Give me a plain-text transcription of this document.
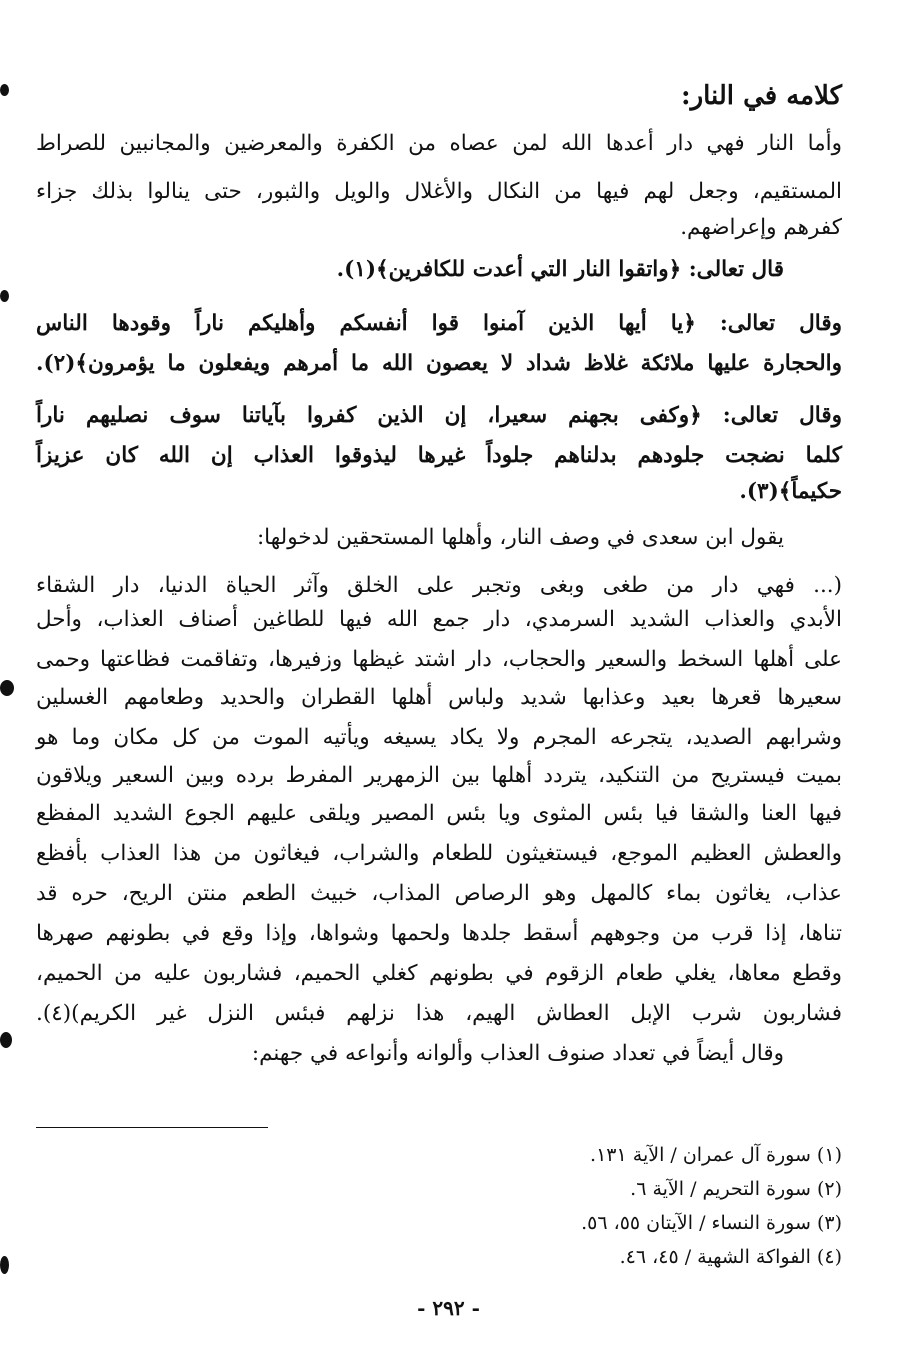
كلامه في النار:
وأما النار فهي دار أعدها الله لمن عصاه من الكفرة والمعرضين والمجانبين للصراط
المستقيم، وجعل لهم فيها من النكال والأغلال والويل والثبور، حتى ينالوا بذلك جزاء
كفرهم وإعراضهم.
قال تعالى: ﴿واتقوا النار التي أعدت للكافرين﴾(١).
وقال تعالى: ﴿يا أيها الذين آمنوا قوا أنفسكم وأهليكم ناراً وقودها الناس
والحجارة عليها ملائكة غلاظ شداد لا يعصون الله ما أمرهم ويفعلون ما يؤمرون﴾(٢).
وقال تعالى: ﴿وكفى بجهنم سعيرا، إن الذين كفروا بآياتنا سوف نصليهم ناراً
كلما نضجت جلودهم بدلناهم جلوداً غيرها ليذوقوا العذاب إن الله كان عزيزاً
حكيماً﴾(٣).
يقول ابن سعدى في وصف النار، وأهلها المستحقين لدخولها:
(... فهي دار من طغى وبغى وتجبر على الخلق وآثر الحياة الدنيا، دار الشقاء
الأبدي والعذاب الشديد السرمدي، دار جمع الله فيها للطاغين أصناف العذاب، وأحل
على أهلها السخط والسعير والحجاب، دار اشتد غيظها وزفيرها، وتفاقمت فظاعتها وحمى
سعيرها قعرها بعيد وعذابها شديد ولباس أهلها القطران والحديد وطعامهم الغسلين
وشرابهم الصديد، يتجرعه المجرم ولا يكاد يسيغه ويأتيه الموت من كل مكان وما هو
بميت فيستريح من التنكيد، يتردد أهلها بين الزمهرير المفرط برده وبين السعير ويلاقون
فيها العنا والشقا فيا بئس المثوى ويا بئس المصير ويلقى عليهم الجوع الشديد المفظع
والعطش العظيم الموجع، فيستغيثون للطعام والشراب، فيغاثون من هذا العذاب بأفظع
عذاب، يغاثون بماء كالمهل وهو الرصاص المذاب، خبيث الطعم منتن الريح، حره قد
تناها، إذا قرب من وجوههم أسقط جلدها ولحمها وشواها، وإذا وقع في بطونهم صهرها
وقطع معاها، يغلي طعام الزقوم في بطونهم كغلي الحميم، فشاربون عليه من الحميم،
فشاربون شرب الإبل العطاش الهيم، هذا نزلهم فبئس النزل غير الكريم)(٤).
وقال أيضاً في تعداد صنوف العذاب وألوانه وأنواعه في جهنم:
(١) سورة آل عمران / الآية ١٣١.
(٢) سورة التحريم / الآية ٦.
(٣) سورة النساء / الآيتان ٥٥، ٥٦.
(٤) الفواكة الشهية / ٤٥، ٤٦.
- ٢٩٢ -
